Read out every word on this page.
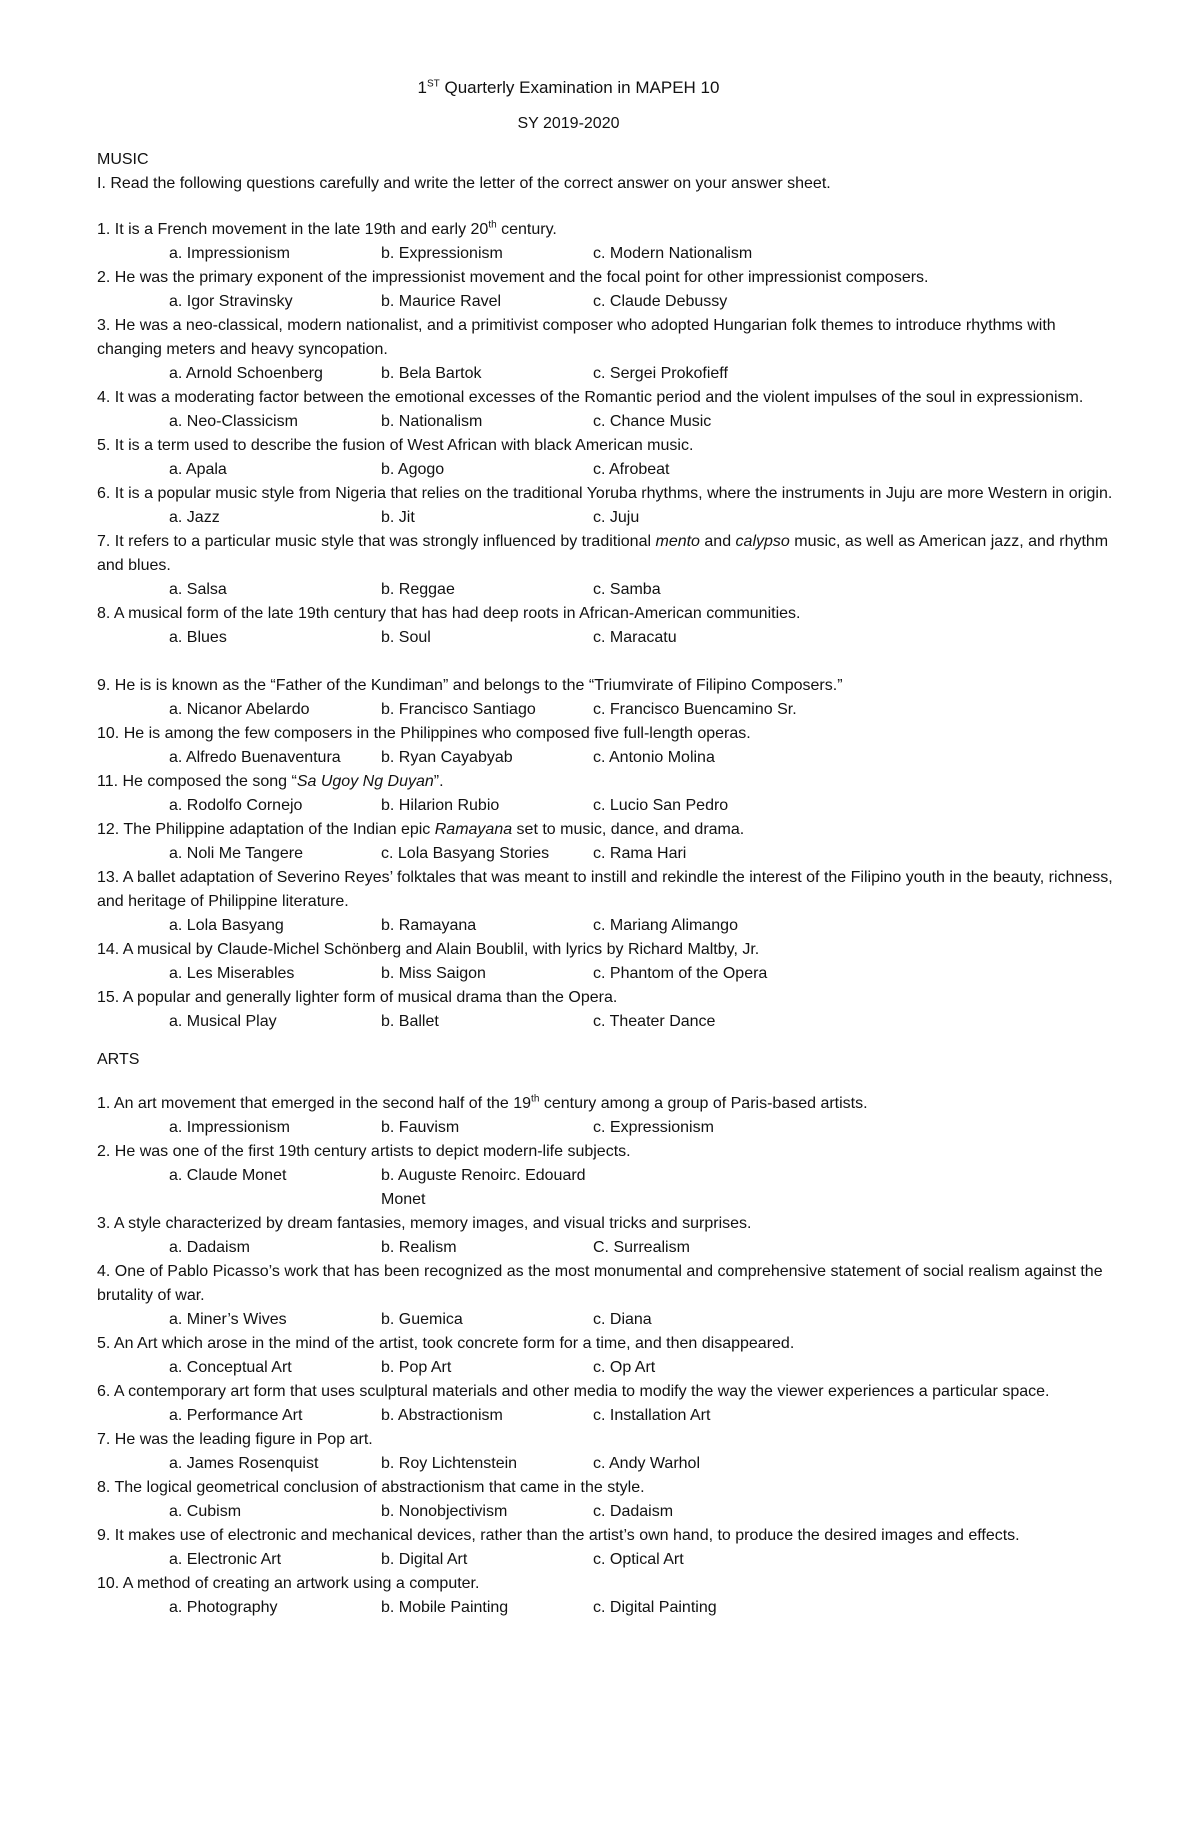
1ST Quarterly Examination in MAPEH 10
SY 2019-2020
MUSIC
I. Read the following questions carefully and write the letter of the correct answer on your answer sheet.
1. It is a French movement in the late 19th and early 20th century.
a. Impressionism	b. Expressionism	c. Modern Nationalism
2. He was the primary exponent of the impressionist movement and the focal point for other impressionist composers.
a. Igor Stravinsky	b. Maurice Ravel	c. Claude Debussy
3. He was a neo-classical, modern nationalist, and a primitivist composer who adopted Hungarian folk themes to introduce rhythms with changing meters and heavy syncopation.
a. Arnold Schoenberg	b. Bela Bartok	c. Sergei Prokofieff
4. It was a moderating factor between the emotional excesses of the Romantic period and the violent impulses of the soul in expressionism.
a. Neo-Classicism	b. Nationalism	c. Chance Music
5. It is a term used to describe the fusion of West African with black American music.
a. Apala	b. Agogo	c. Afrobeat
6. It is a popular music style from Nigeria that relies on the traditional Yoruba rhythms, where the instruments in Juju are more Western in origin.
a. Jazz	b. Jit	c. Juju
7. It refers to a particular music style that was strongly influenced by traditional mento and calypso music, as well as American jazz, and rhythm and blues.
a. Salsa	b. Reggae	c. Samba
8. A musical form of the late 19th century that has had deep roots in African-American communities.
a. Blues	b. Soul	c. Maracatu
9. He is is known as the “Father of the Kundiman” and belongs to the “Triumvirate of Filipino Composers.”
a. Nicanor Abelardo	b. Francisco Santiago	c. Francisco Buencamino Sr.
10. He is among the few composers in the Philippines who composed five full-length operas.
a. Alfredo Buenaventura	b. Ryan Cayabyab	c. Antonio Molina
11. He composed the song “Sa Ugoy Ng Duyan”.
a. Rodolfo Cornejo	b. Hilarion Rubio	c. Lucio San Pedro
12. The Philippine adaptation of the Indian epic Ramayana set to music, dance, and drama.
a. Noli Me Tangere	c. Lola Basyang Stories	c. Rama Hari
13. A ballet adaptation of Severino Reyes’ folktales that was meant to instill and rekindle the interest of the Filipino youth in the beauty, richness, and heritage of Philippine literature.
a. Lola Basyang	b. Ramayana	c. Mariang Alimango
14. A musical by Claude-Michel Schönberg and Alain Boublil, with lyrics by Richard Maltby, Jr.
a. Les Miserables	b. Miss Saigon	c. Phantom of the Opera
15. A popular and generally lighter form of musical drama than the Opera.
a. Musical Play	b. Ballet	c. Theater Dance
ARTS
1. An art movement that emerged in the second half of the 19th century among a group of Paris-based artists.
a. Impressionism	b. Fauvism	c. Expressionism
2. He was one of the first 19th century artists to depict modern-life subjects.
a. Claude Monet	b. Auguste Renoirc. Edouard Monet
3. A style characterized by dream fantasies, memory images, and visual tricks and surprises.
a. Dadaism	b. Realism	C. Surrealism
4. One of Pablo Picasso’s work that has been recognized as the most monumental and comprehensive statement of social realism against the brutality of war.
a. Miner’s Wives	b. Guemica	c. Diana
5. An Art which arose in the mind of the artist, took concrete form for a time, and then disappeared.
a. Conceptual Art	b. Pop Art	c. Op Art
6. A contemporary art form that uses sculptural materials and other media to modify the way the viewer experiences a particular space.
a. Performance Art	b. Abstractionism	c. Installation Art
7. He was the leading figure in Pop art.
a. James Rosenquist	b. Roy Lichtenstein	c. Andy Warhol
8. The logical geometrical conclusion of abstractionism that came in the style.
a. Cubism	b. Nonobjectivism	c. Dadaism
9. It makes use of electronic and mechanical devices, rather than the artist’s own hand, to produce the desired images and effects.
a. Electronic Art	b. Digital Art	c. Optical Art
10. A method of creating an artwork using a computer.
a. Photography	b. Mobile Painting	c. Digital Painting
